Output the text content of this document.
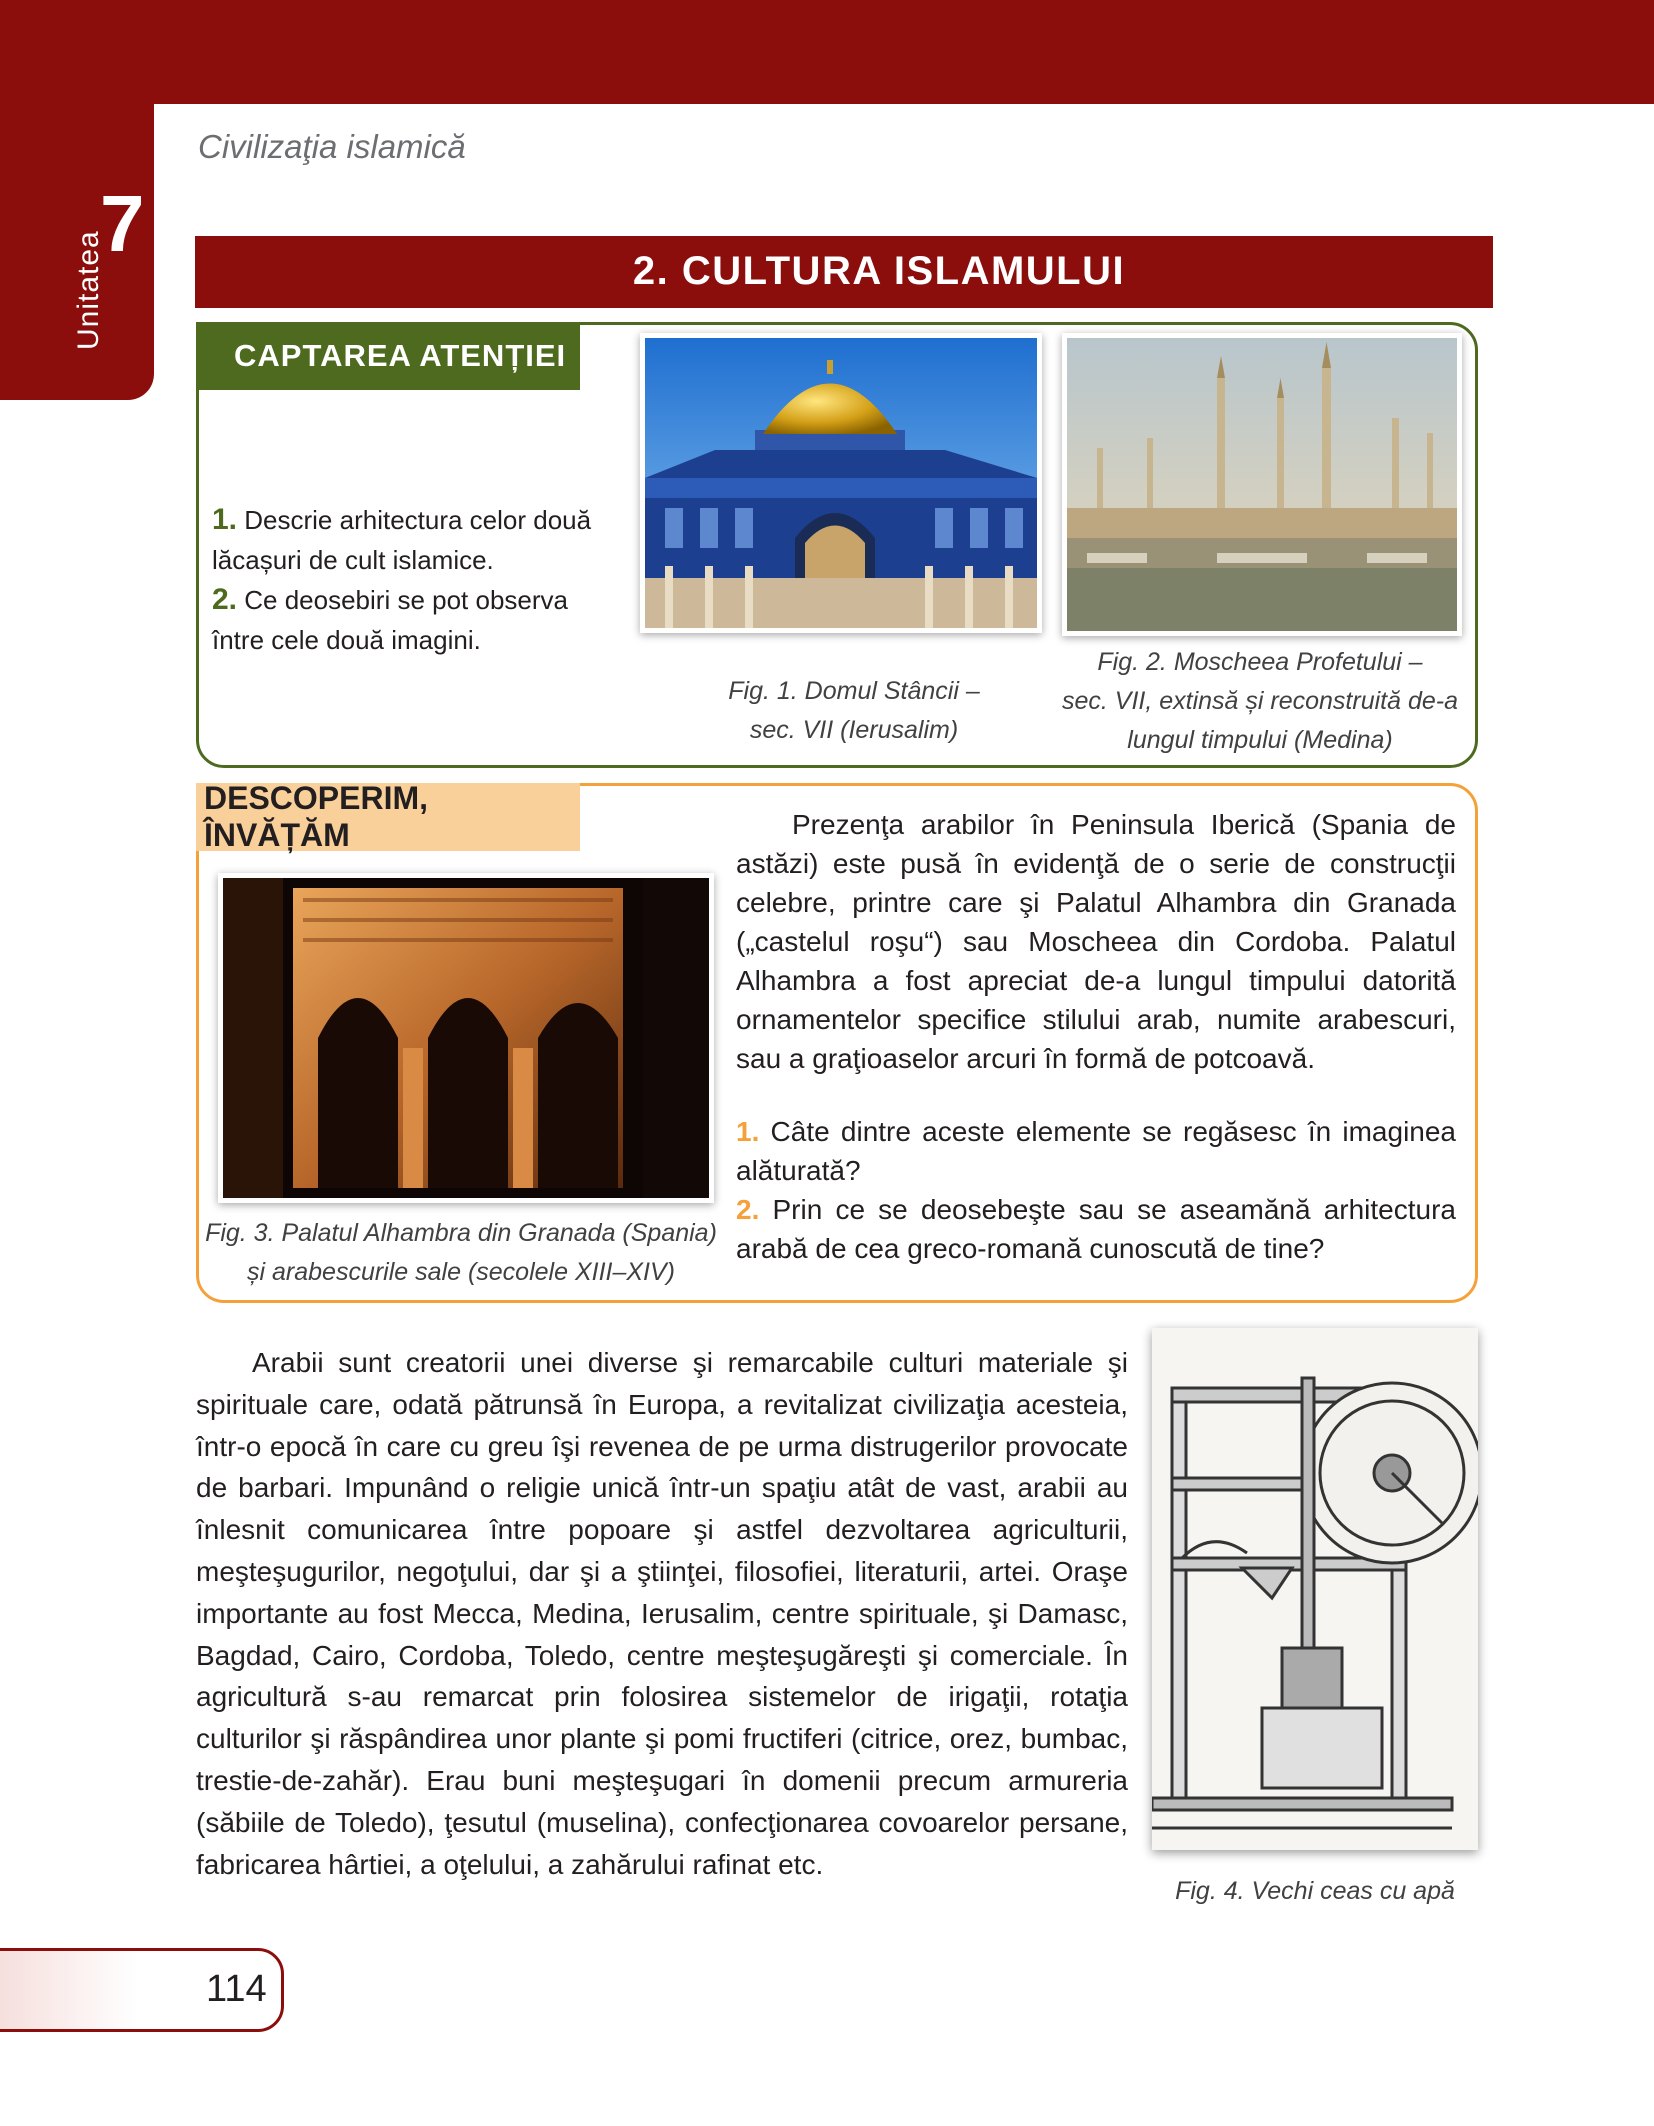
7
Unitatea
Civilizaţia islamică
2. CULTURA ISLAMULUI
CAPTAREA ATENȚIEI
1. Descrie arhitectura celor două lăcașuri de cult islamice.
2. Ce deosebiri se pot observa între cele două imagini.
Fig. 1. Domul Stâncii –
sec. VII (Ierusalim)
Fig. 2. Moscheea Profetului –
sec. VII, extinsă și reconstruită de-a
lungul timpului (Medina)
DESCOPERIM, ÎNVĂȚĂM
Fig. 3. Palatul Alhambra din Granada (Spania)
și arabescurile sale (secolele XIII–XIV)
Prezenţa arabilor în Peninsula Iberică (Spania de astăzi) este pusă în evidenţă de o serie de construcţii celebre, printre care şi Palatul Alhambra din Granada („castelul roşu“) sau Moscheea din Cordoba. Palatul Alhambra a fost apreciat de-a lungul timpului datorită ornamentelor specifice stilului arab, numite arabescuri, sau a graţioaselor arcuri în formă de potcoavă.
1. Câte dintre aceste elemente se regăsesc în imaginea alăturată?
2. Prin ce se deosebeşte sau se aseamănă arhitectura arabă de cea greco-romană cunoscută de tine?
Arabii sunt creatorii unei diverse şi remarcabile culturi materiale şi spirituale care, odată pătrunsă în Europa, a revitalizat civilizaţia acesteia, într-o epocă în care cu greu îşi revenea de pe urma distrugerilor provocate de barbari. Impunând o religie unică într-un spaţiu atât de vast, arabii au înlesnit comunicarea între popoare şi astfel dezvoltarea agriculturii, meşteşugurilor, negoţului, dar şi a ştiinţei, filosofiei, literaturii, artei. Oraşe importante au fost Mecca, Medina, Ierusalim, centre spirituale, şi Damasc, Bagdad, Cairo, Cordoba, Toledo, centre meşteşugăreşti şi comerciale. În agricultură s-au remarcat prin folosirea sistemelor de irigaţii, rotaţia culturilor şi răspândirea unor plante şi pomi fructiferi (citrice, orez, bumbac, trestie-de-zahăr). Erau buni meşteşugari în domenii precum armureria (săbiile de Toledo), ţesutul (muselina), confecţionarea covoarelor persane, fabricarea hârtiei, a oţelului, a zahărului rafinat etc.
Fig. 4. Vechi ceas cu apă
114
